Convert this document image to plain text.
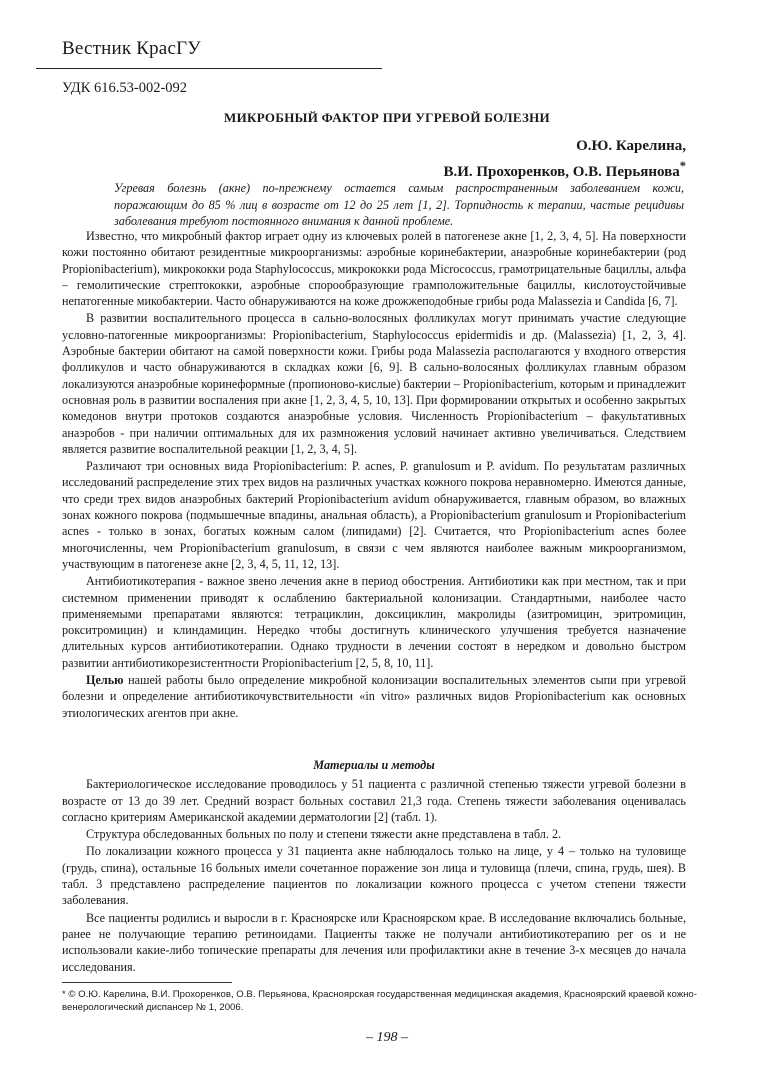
Вестник КрасГУ
УДК 616.53-002-092
МИКРОБНЫЙ ФАКТОР ПРИ УГРЕВОЙ БОЛЕЗНИ
О.Ю. Карелина,
В.И. Прохоренков, О.В. Перьянова*
Угревая болезнь (акне) по-прежнему остается самым распространенным заболеванием кожи, поражающим до 85 % лиц в возрасте от 12 до 25 лет [1, 2]. Торпидность к терапии, частые рецидивы заболевания требуют постоянного внимания к данной проблеме.

Известно, что микробный фактор играет одну из ключевых ролей в патогенезе акне [1, 2, 3, 4, 5]. На поверхности кожи постоянно обитают резидентные микроорганизмы: аэробные коринебактерии, анаэробные коринебактерии (род Propionibacterium), микрококки рода Staphylococcus, микрококки рода Micrococcus, грамотрицательные бациллы, альфа – гемолитические стрептококки, аэробные спорообразующие грамположительные бациллы, кислотоустойчивые непатогенные микобактерии. Часто обнаруживаются на коже дрожжеподобные грибы рода Malassezia и Candida [6, 7].

В развитии воспалительного процесса в сально-волосяных фолликулах могут принимать участие следующие условно-патогенные микроорганизмы: Propionibacterium, Staphylococcus epidermidis и др. (Malassezia) [1, 2, 3, 4]. Аэробные бактерии обитают на самой поверхности кожи. Грибы рода Malassezia располагаются у входного отверстия фолликулов и часто обнаруживаются в складках кожи [6, 9]. В сально-волосяных фолликулах главным образом локализуются анаэробные коринеформные (пропионово-кислые) бактерии – Propionibacterium, которым и принадлежит основная роль в развитии воспаления при акне [1, 2, 3, 4, 5, 10, 13]. При формировании открытых и особенно закрытых комедонов внутри протоков создаются анаэробные условия. Численность Propionibacterium – факультативных анаэробов - при наличии оптимальных для их размножения условий начинает активно увеличиваться. Следствием является развитие воспалительной реакции [1, 2, 3, 4, 5].

Различают три основных вида Propionibacterium: P. acnes, P. granulosum и P. avidum. По результатам различных исследований распределение этих трех видов на различных участках кожного покрова неравномерно. Имеются данные, что среди трех видов анаэробных бактерий Propionibacterium avidum обнаруживается, главным образом, во влажных зонах кожного покрова (подмышечные впадины, анальная область), а Propionibacterium granulosum и Propionibacterium acnes - только в зонах, богатых кожным салом (липидами) [2]. Считается, что Propionibacterium acnes более многочисленны, чем Propionibacterium granulosum, в связи с чем являются наиболее важным микроорганизмом, участвующим в патогенезе акне [2, 3, 4, 5, 11, 12, 13].

Антибиотикотерапия - важное звено лечения акне в период обострения. Антибиотики как при местном, так и при системном применении приводят к ослаблению бактериальной колонизации. Стандартными, наиболее часто применяемыми препаратами являются: тетрациклин, доксициклин, макролиды (азитромицин, эритромицин, рокситромицин) и клиндамицин. Нередко чтобы достигнуть клинического улучшения требуется назначение длительных курсов антибиотикотерапии. Однако трудности в лечении состоят в нередком и довольно быстром развитии антибиотикорезистентности Propionibacterium [2, 5, 8, 10, 11].

Целью нашей работы было определение микробной колонизации воспалительных элементов сыпи при угревой болезни и определение антибиотикочувствительности «in vitro» различных видов Propionibacterium как основных этиологических агентов при акне.

Материалы и методы

Бактериологическое исследование проводилось у 51 пациента с различной степенью тяжести угревой болезни в возрасте от 13 до 39 лет. Средний возраст больных составил 21,3 года. Степень тяжести заболевания оценивалась согласно критериям Американской академии дерматологии [2] (табл. 1).

Структура обследованных больных по полу и степени тяжести акне представлена в табл. 2.

По локализации кожного процесса у 31 пациента акне наблюдалось только на лице, у 4 – только на туловище (грудь, спина), остальные 16 больных имели сочетанное поражение зон лица и туловища (плечи, спина, грудь, шея). В табл. 3 представлено распределение пациентов по локализации кожного процесса с учетом степени тяжести заболевания.

Все пациенты родились и выросли в г. Красноярске или Красноярском крае. В исследование включались больные, ранее не получающие терапию ретиноидами. Пациенты также не получали антибиотикотерапию per os и не использовали какие-либо топические препараты для лечения или профилактики акне в течение 3-х месяцев до начала исследования.

* © О.Ю. Карелина, В.И. Прохоренков, О.В. Перьянова, Красноярская государственная медицинская академия, Красноярский краевой кожно-венерологический диспансер № 1, 2006.
– 198 –
